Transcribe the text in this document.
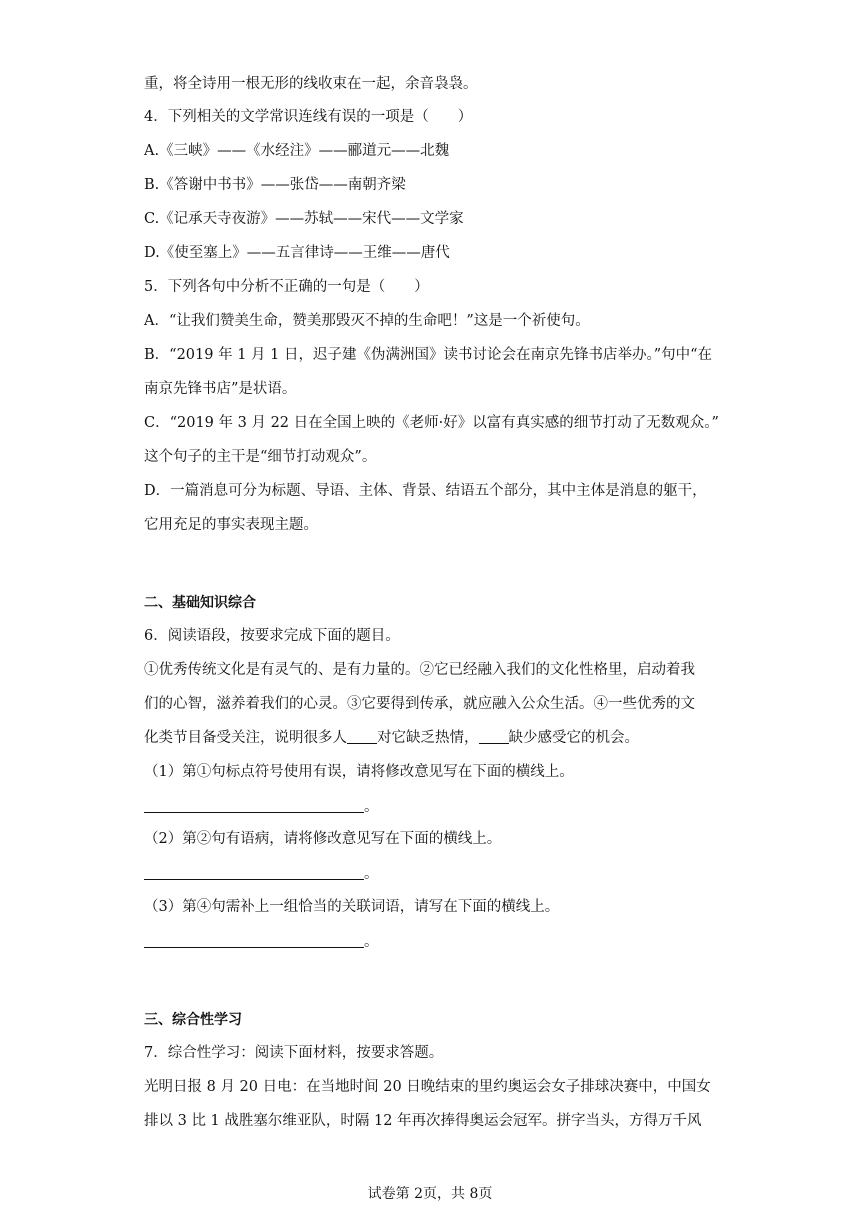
重，将全诗用一根无形的线收束在一起，余音袅袅。
4．下列相关的文学常识连线有误的一项是（　　）
A.《三峡》——《水经注》——郦道元——北魏
B.《答谢中书书》——张岱——南朝齐梁
C.《记承天寺夜游》——苏轼——宋代——文学家
D.《使至塞上》——五言律诗——王维——唐代
5．下列各句中分析不正确的一句是（　　）
A．“让我们赞美生命，赞美那毁灭不掉的生命吧！”这是一个祈使句。
B．“2019 年 1 月 1 日，迟子建《伪满洲国》读书讨论会在南京先锋书店举办。”句中“在
南京先锋书店”是状语。
C．“2019 年 3 月 22 日在全国上映的《老师·好》以富有真实感的细节打动了无数观众。”
这个句子的主干是“细节打动观众”。
D．一篇消息可分为标题、导语、主体、背景、结语五个部分，其中主体是消息的躯干，
它用充足的事实表现主题。
二、基础知识综合
6．阅读语段，按要求完成下面的题目。
①优秀传统文化是有灵气的、是有力量的。②它已经融入我们的文化性格里，启动着我
们的心智，滋养着我们的心灵。③它要得到传承，就应融入公众生活。④一些优秀的文
化类节目备受关注，说明很多人 对它缺乏热情， 缺少感受它的机会。
（1）第①句标点符号使用有误，请将修改意见写在下面的横线上。
。
（2）第②句有语病，请将修改意见写在下面的横线上。
。
（3）第④句需补上一组恰当的关联词语，请写在下面的横线上。
。
三、综合性学习
7．综合性学习：阅读下面材料，按要求答题。
光明日报 8 月 20 日电：在当地时间 20 日晚结束的里约奥运会女子排球决赛中，中国女
排以 3 比 1 战胜塞尔维亚队，时隔 12 年再次捧得奥运会冠军。拼字当头，方得万千风
试卷第 2页，共 8页
